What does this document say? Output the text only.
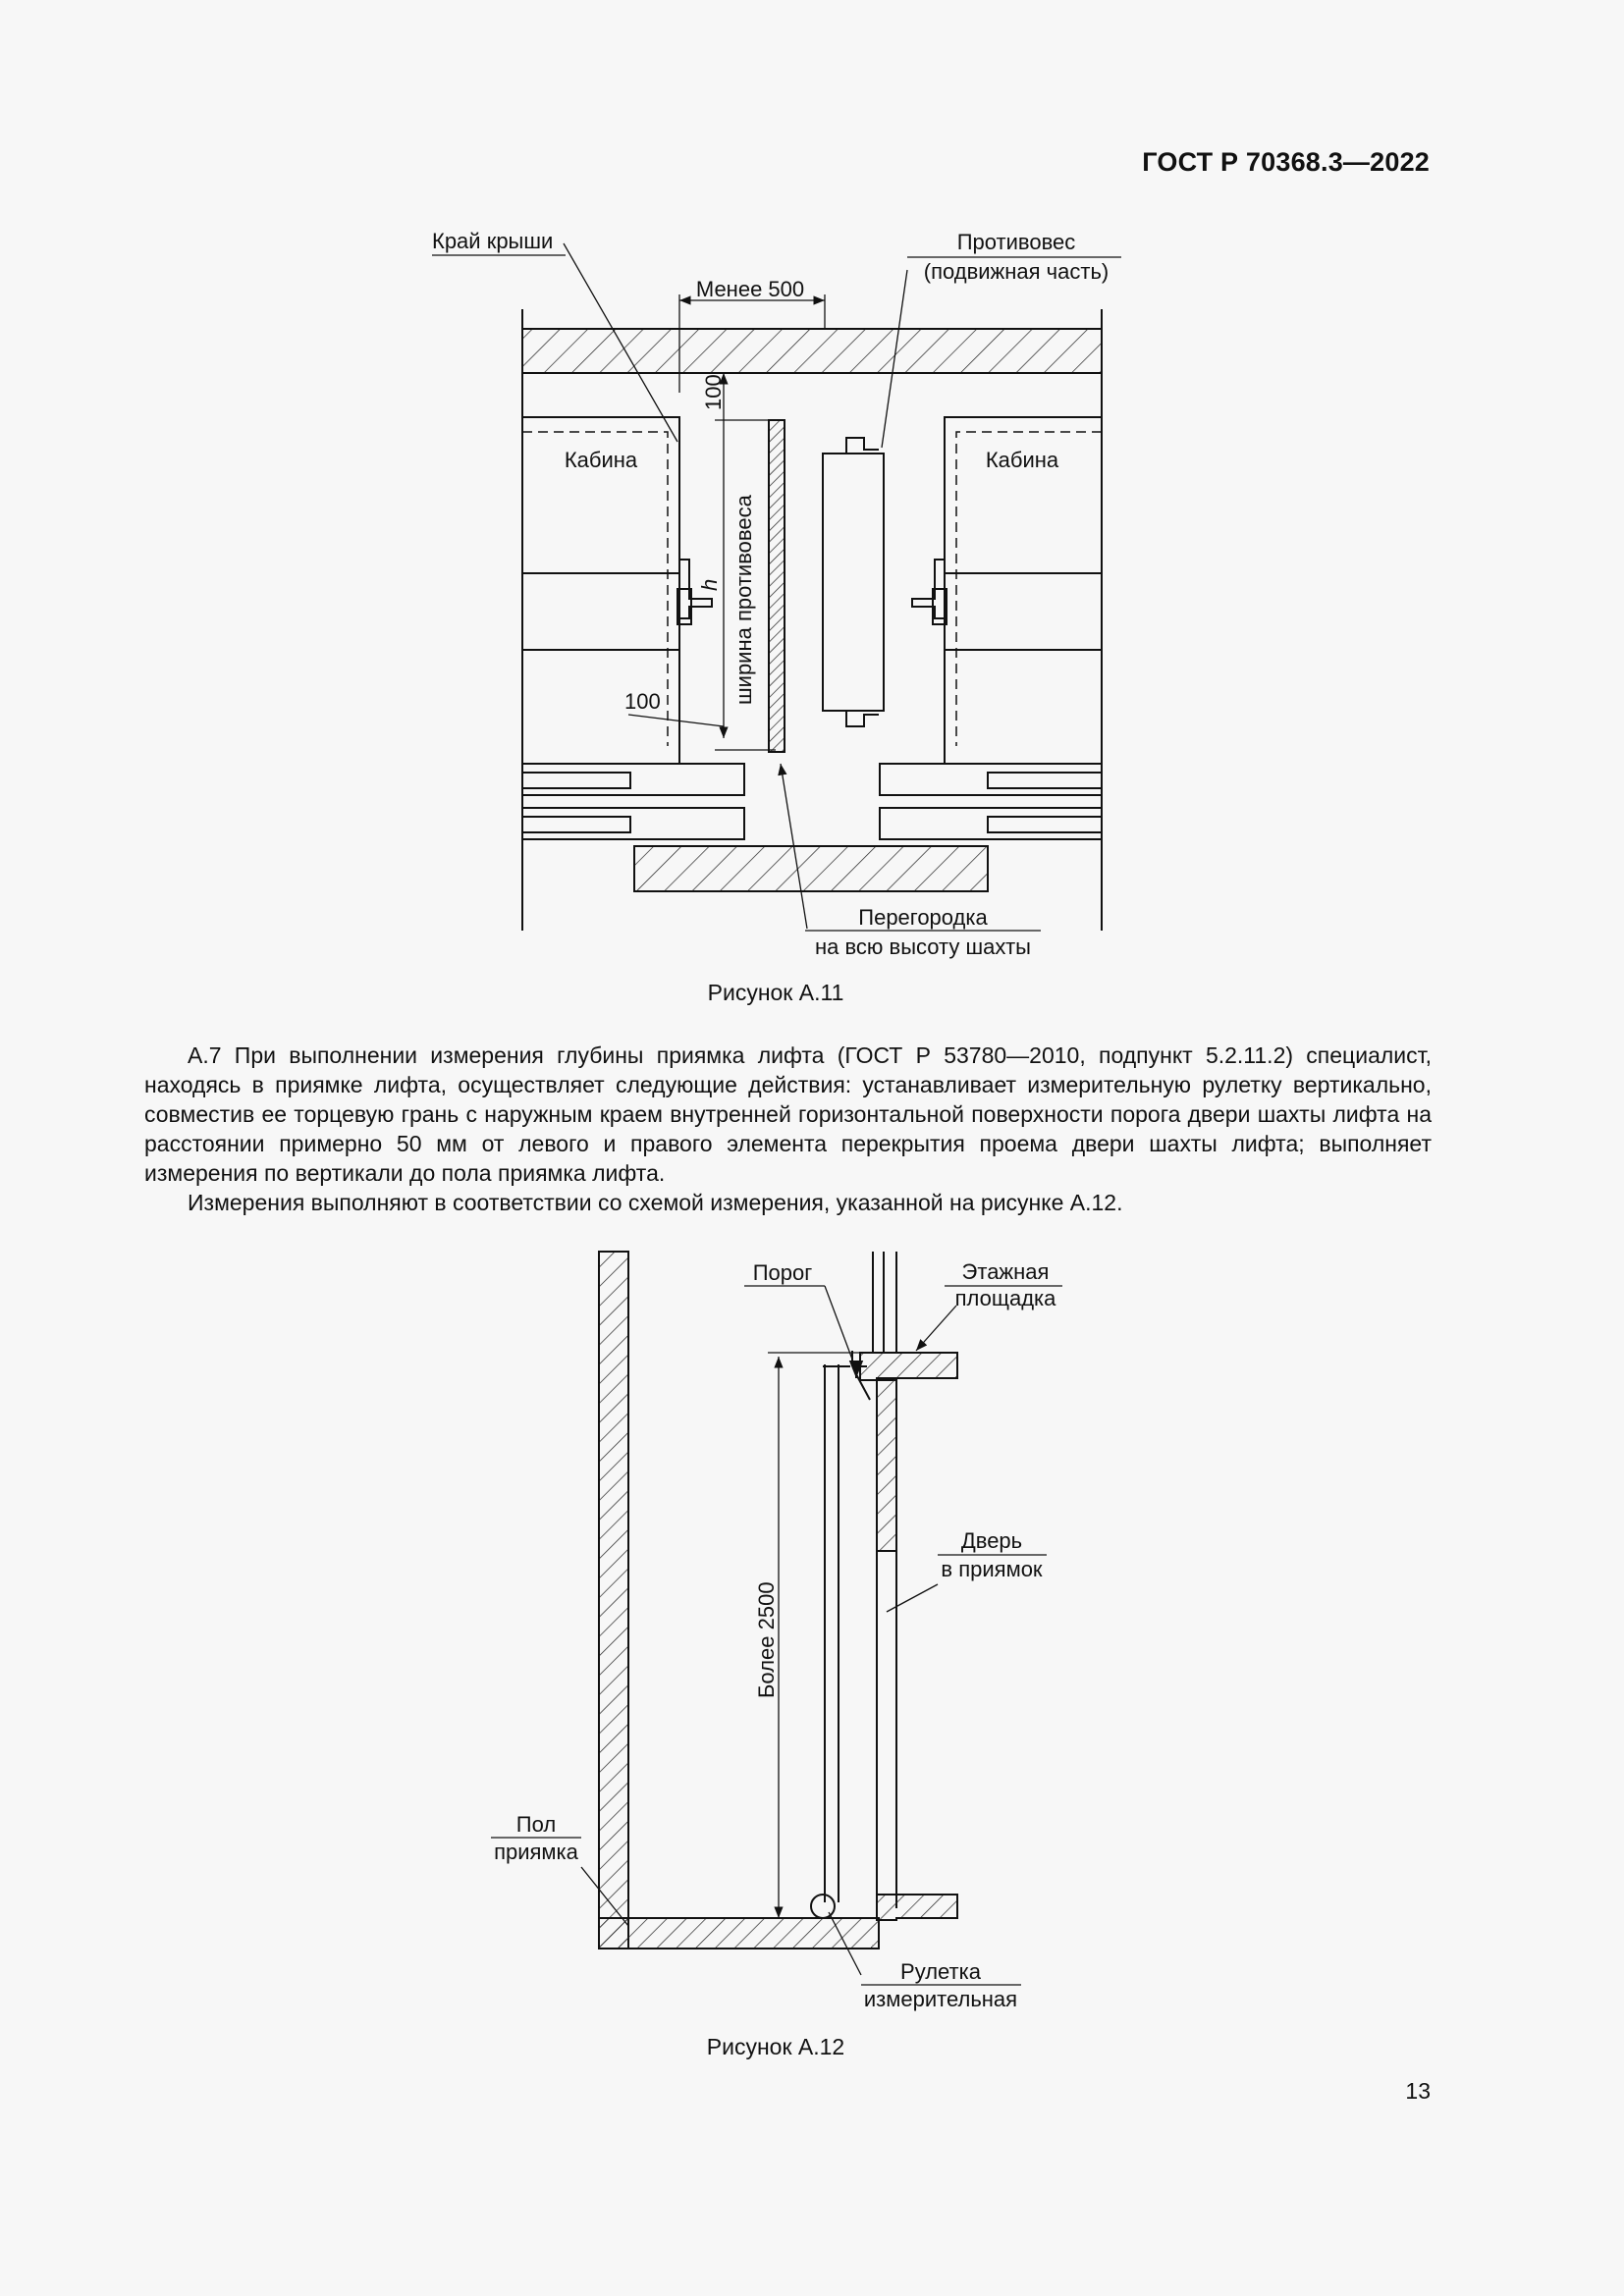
ГОСТ Р 70368.3—2022
Край крыши	Противовес
(подвижная часть)
Менее 500
100
h ширина противовеса
100
Кабина	Кабина
Перегородка
на всю высоту шахты
Рисунок А.11

А.7 При выполнении измерения глубины приямка лифта (ГОСТ Р 53780—2010, подпункт 5.2.11.2) специалист, находясь в приямке лифта, осуществляет следующие действия: устанавливает измерительную рулетку вертикально, совместив ее торцевую грань с наружным краем внутренней горизонтальной поверхности порога двери шахты лифта на расстоянии примерно 50 мм от левого и правого элемента перекрытия проема двери шахты лифта; выполняет измерения по вертикали до пола приямка лифта.

Измерения выполняют в соответствии со схемой измерения, указанной на рисунке А.12.

Порог	Этажная
площадка
Дверь
в приямок
Более 2500
Пол
приямка
Рулетка
измерительная
Рисунок А.12
13
